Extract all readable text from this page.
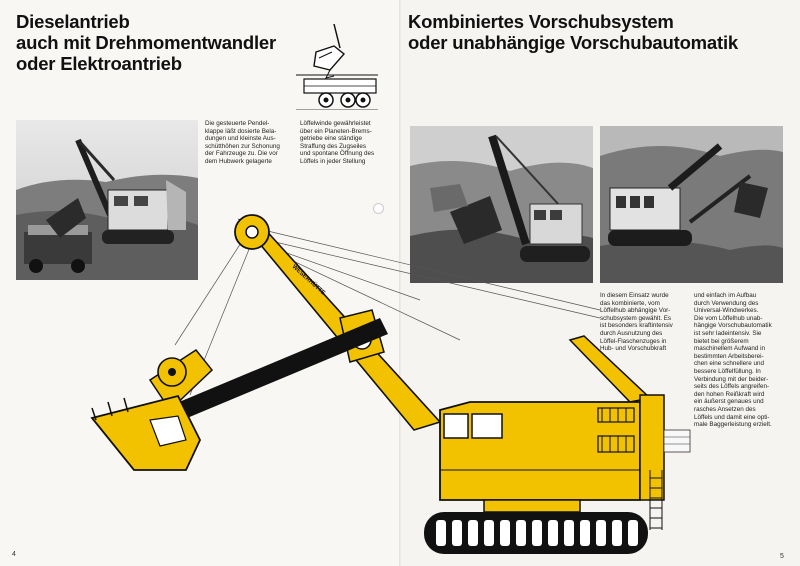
Dieselantrieb
auch mit Drehmomentwandler
oder Elektroantrieb
Kombiniertes Vorschubsystem
oder unabhängige Vorschubautomatik
Die gesteuerte Pendel-
klappe läßt dosierte Bela-
dungen und kleinste Aus-
schütthöhen zur Schonung
der Fahrzeuge zu. Die vor
dem Hubwerk gelagerte
Löffelwinde gewährleistet
über ein Planeten-Brems-
getriebe eine ständige
Straffung des Zugseiles
und spontane Öffnung des
Löffels in jeder Stellung
In diesem Einsatz wurde
das kombinierte, vom
Löffelhub abhängige Vor-
schubsystem gewählt. Es
ist besonders kraftintensiv
durch Ausnutzung des
Löffel-Flaschenzuges in
Hub- und Vorschubkraft
und einfach im Aufbau
durch Verwendung des
Universal-Windwerkes.
Die vom Löffelhub unab-
hängige Vorschubautomatik
ist sehr ladeintensiv. Sie
bietet bei größerem
maschinellem Aufwand in
bestimmten Arbeitsberei-
chen eine schnellere und
bessere Löffelfüllung. In
Verbindung mit der beider-
seits des Löffels angreifen-
den hohen Reißkraft wird
ein äußerst genaues und
rasches Ansetzen des
Löffels und damit eine opti-
male Baggerleistung erzielt.
WESERHÜTTE
4	5
